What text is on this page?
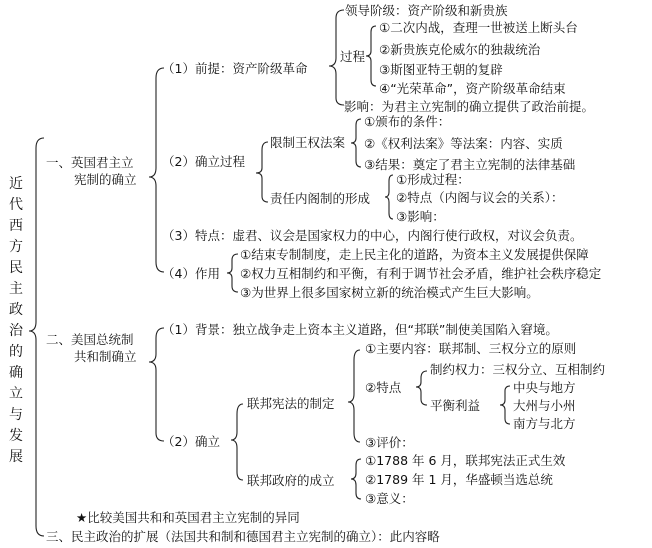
近代西方民主政治的确立与发展
一、英国君主立
宪制的确立
（1）前提：资产阶级革命
领导阶级：资产阶级和新贵族
过程
①二次内战，查理一世被送上断头台
②新贵族克伦威尔的独裁统治
③斯图亚特王朝的复辟
④“光荣革命”，资产阶级革命结束
影响：为君主立宪制的确立提供了政治前提。
（2）确立过程
限制王权法案
①颁布的条件：
②《权利法案》等法案：内容、实质
③结果：奠定了君主立宪制的法律基础
责任内阁制的形成
①形成过程：
②特点（内阁与议会的关系）：
③影响：
（3）特点：虚君、议会是国家权力的中心，内阁行使行政权，对议会负责。
（4）作用
①结束专制制度，走上民主化的道路，为资本主义发展提供保障
②权力互相制约和平衡，有利于调节社会矛盾，维护社会秩序稳定
③为世界上很多国家树立新的统治模式产生巨大影响。
二、美国总统制
共和制确立
（1）背景：独立战争走上资本主义道路，但“邦联”制使美国陷入窘境。
（2）确立
联邦宪法的制定
①主要内容：联邦制、三权分立的原则
②特点
制约权力：三权分立、互相制约
平衡利益
中央与地方
大州与小州
南方与北方
③评价：
联邦政府的成立
①1788 年 6 月，联邦宪法正式生效
②1789 年 1 月，华盛顿当选总统
③意义：
★比较美国共和和英国君主立宪制的异同
三、民主政治的扩展（法国共和制和德国君主立宪制的确立）：此内容略
